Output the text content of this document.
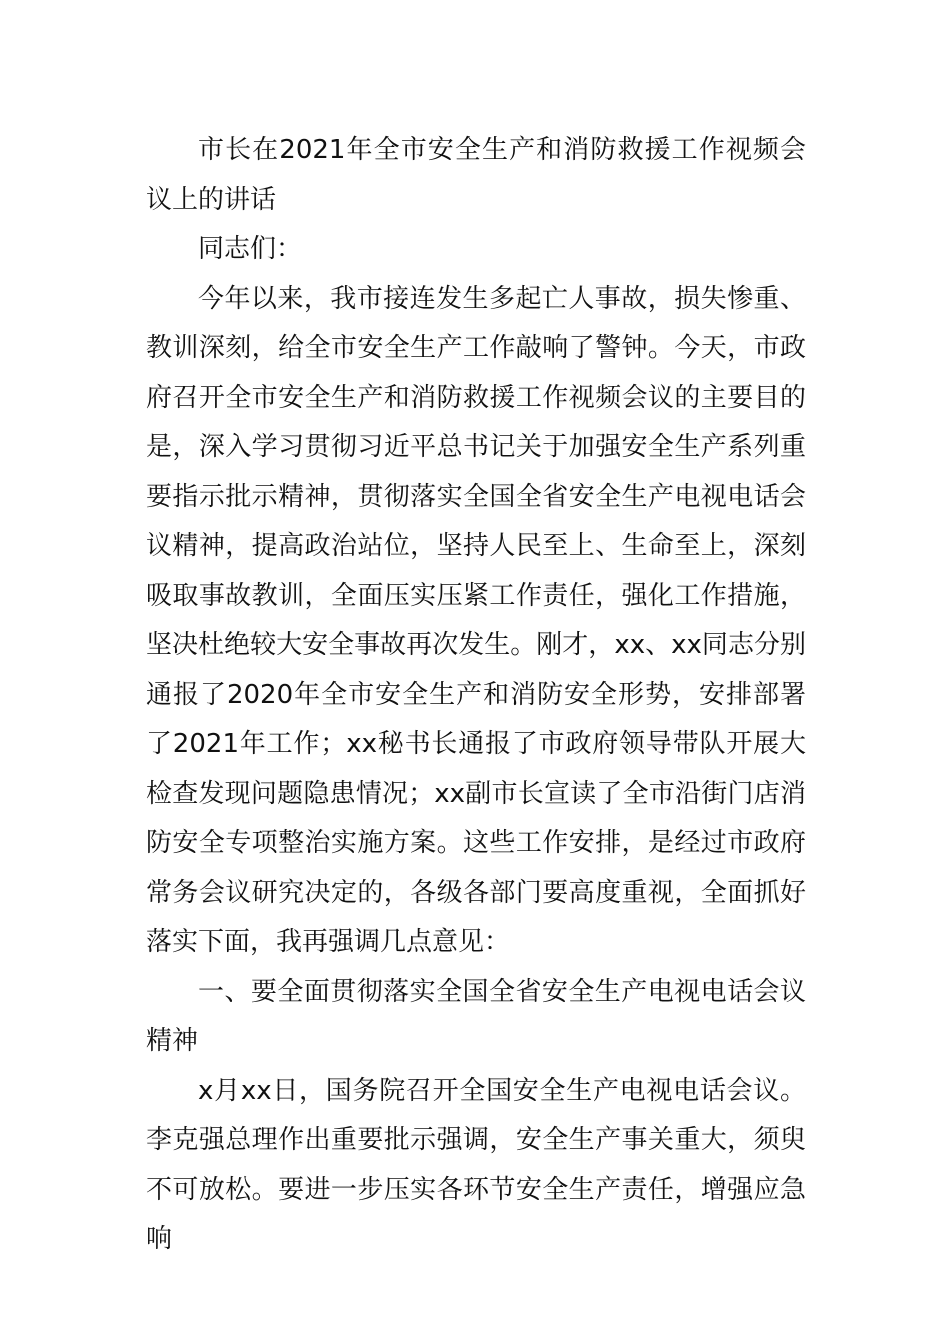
市长在2021年全市安全生产和消防救援工作视频会议上的讲话

同志们：

今年以来，我市接连发生多起亡人事故，损失惨重、教训深刻，给全市安全生产工作敲响了警钟。今天，市政府召开全市安全生产和消防救援工作视频会议的主要目的是，深入学习贯彻习近平总书记关于加强安全生产系列重要指示批示精神，贯彻落实全国全省安全生产电视电话会议精神，提高政治站位，坚持人民至上、生命至上，深刻吸取事故教训，全面压实压紧工作责任，强化工作措施，坚决杜绝较大安全事故再次发生。刚才，xx、xx同志分别通报了2020年全市安全生产和消防安全形势，安排部署了2021年工作；xx秘书长通报了市政府领导带队开展大检查发现问题隐患情况；xx副市长宣读了全市沿街门店消防安全专项整治实施方案。这些工作安排，是经过市政府常务会议研究决定的，各级各部门要高度重视，全面抓好落实下面，我再强调几点意见：

一、要全面贯彻落实全国全省安全生产电视电话会议精神

x月xx日，国务院召开全国安全生产电视电话会议。李克强总理作出重要批示强调，安全生产事关重大，须臾不可放松。要进一步压实各环节安全生产责任，增强应急响
